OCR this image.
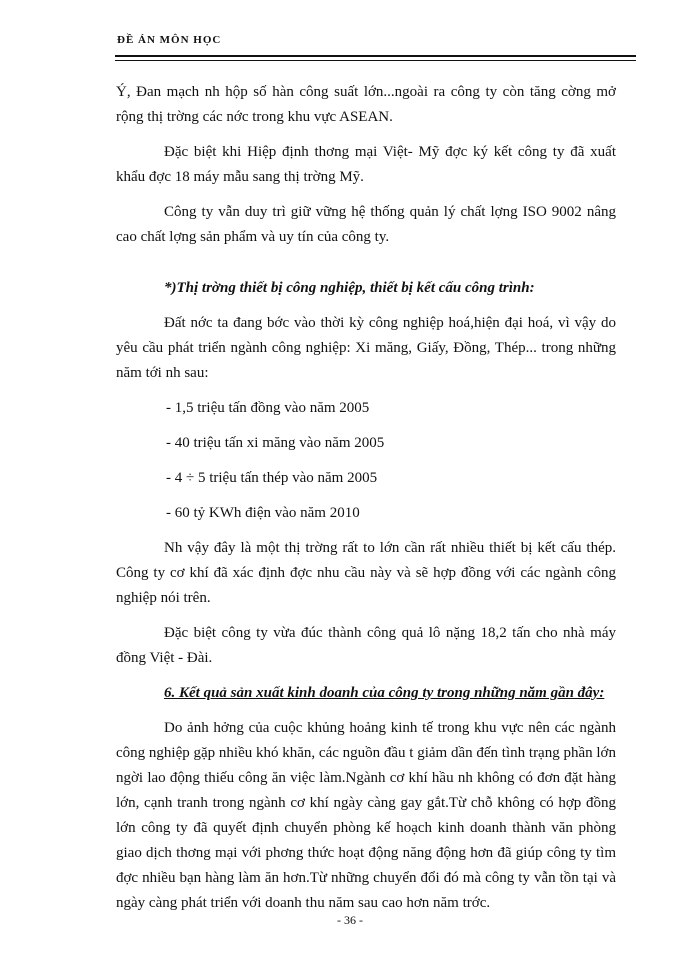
ĐỀ ÁN MÔN HỌC

Ý, Đan mạch nh hộp số hàn công suất lớn...ngoài ra công ty còn tăng cờng mở rộng thị trờng các nớc trong khu vực ASEAN.

Đặc biệt khi Hiệp định thơng mại Việt- Mỹ đợc ký kết công ty đã xuất khẩu đợc 18 máy mẫu sang thị trờng Mỹ.

Công ty vẫn duy trì giữ vững hệ thống quản lý chất lợng ISO 9002 nâng cao chất lợng sản phẩm và uy tín của công ty.

*)Thị trờng thiết bị công nghiệp, thiết bị kết cấu công trình:

Đất nớc ta đang bớc vào thời kỳ công nghiệp hoá,hiện đại hoá, vì vậy do yêu cầu phát triển ngành công nghiệp: Xi măng, Giấy, Đồng, Thép... trong những năm tới nh sau:

- 1,5 triệu tấn đồng vào năm 2005

- 40 triệu tấn xi măng vào năm 2005

- 4 ÷ 5 triệu tấn thép vào năm 2005

- 60 tỷ KWh điện vào năm 2010

Nh vậy đây là một thị trờng rất to lớn cần rất nhiều thiết bị kết cấu thép. Công ty cơ khí đã xác định đợc nhu cầu này và sẽ hợp đồng với các ngành công nghiệp nói trên.

Đặc biệt công ty vừa đúc thành công quả lô nặng 18,2 tấn cho nhà máy đồng Việt - Đài.

6. Kết quả sản xuất kinh doanh của công ty trong những năm gần đây:

Do ảnh hởng của cuộc khủng hoảng kinh tế trong khu vực nên các ngành công nghiệp gặp nhiều khó khăn, các nguồn đầu t giảm dần đến tình trạng phần lớn ngời lao động thiếu công ăn việc làm.Ngành cơ khí hầu nh không có đơn đặt hàng lớn, cạnh tranh trong ngành cơ khí ngày càng gay gắt.Từ chỗ không có hợp đồng lớn công ty đã quyết định chuyển phòng kế hoạch kinh doanh thành văn phòng giao dịch thơng mại với phơng thức hoạt động năng động hơn đã giúp công ty tìm đợc nhiều bạn hàng làm ăn hơn.Từ những chuyển đổi đó mà công ty vẫn tồn tại và ngày càng phát triển với doanh thu năm sau cao hơn năm trớc.

- 36 -
